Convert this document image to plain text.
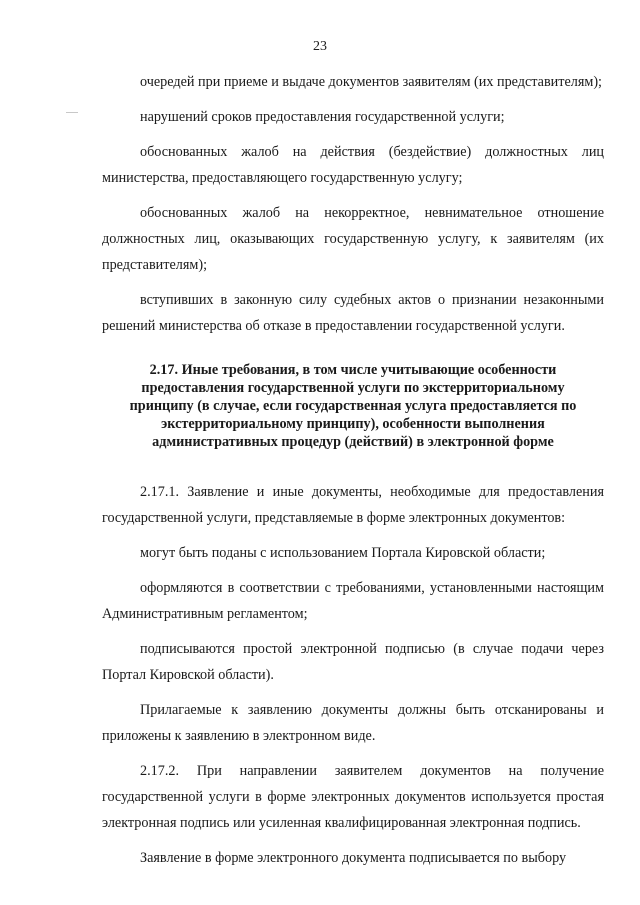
23

очередей при приеме и выдаче документов заявителям (их представителям);

нарушений сроков предоставления государственной услуги;

обоснованных жалоб на действия (бездействие) должностных лиц министерства, предоставляющего государственную услугу;

обоснованных жалоб на некорректное, невнимательное отношение должностных лиц, оказывающих государственную услугу, к заявителям (их представителям);

вступивших в законную силу судебных актов о признании незаконными решений министерства об отказе в предоставлении государственной услуги.

2.17. Иные требования, в том числе учитывающие особенности предоставления государственной услуги по экстерриториальному принципу (в случае, если государственная услуга предоставляется по экстерриториальному принципу), особенности выполнения административных процедур (действий) в электронной форме

2.17.1. Заявление и иные документы, необходимые для предоставления государственной услуги, представляемые в форме электронных документов:

могут быть поданы с использованием Портала Кировской области;

оформляются в соответствии с требованиями, установленными настоящим Административным регламентом;

подписываются простой электронной подписью (в случае подачи через Портал Кировской области).

Прилагаемые к заявлению документы должны быть отсканированы и приложены к заявлению в электронном виде.

2.17.2. При направлении заявителем документов на получение государственной услуги в форме электронных документов используется простая электронная подпись или усиленная квалифицированная электронная подпись.

Заявление в форме электронного документа подписывается по выбору
